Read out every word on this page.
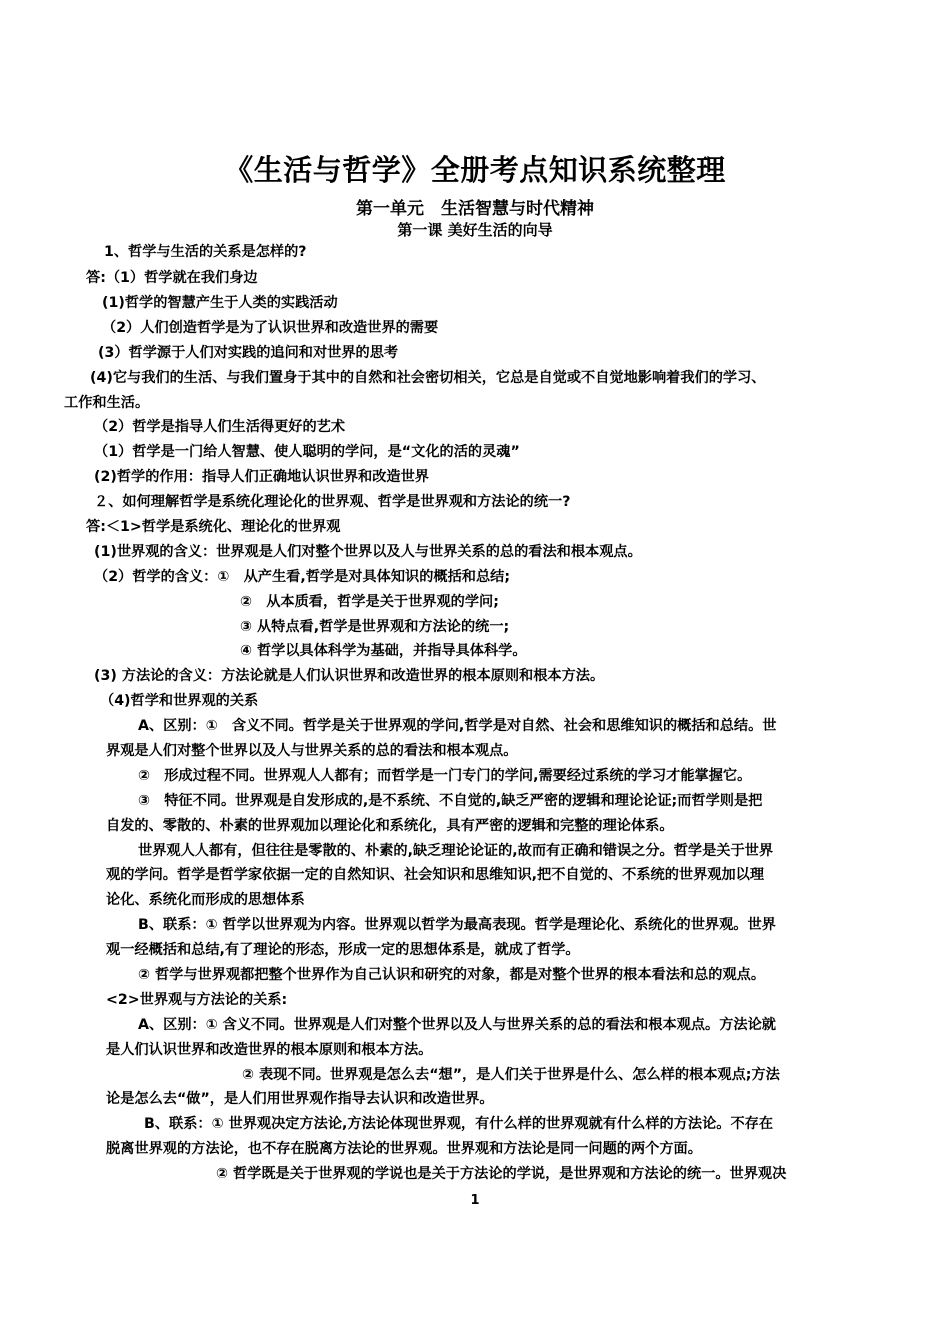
《生活与哲学》全册考点知识系统整理
第一单元　生活智慧与时代精神
第一课 美好生活的向导
1、哲学与生活的关系是怎样的?
答:（1）哲学就在我们身边
(1)哲学的智慧产生于人类的实践活动
（2）人们创造哲学是为了认识世界和改造世界的需要
(3）哲学源于人们对实践的追问和对世界的思考
(4)它与我们的生活、与我们置身于其中的自然和社会密切相关，它总是自觉或不自觉地影响着我们的学习、
工作和生活。
（2）哲学是指导人们生活得更好的艺术
（1）哲学是一门给人智慧、使人聪明的学问，是“文化的活的灵魂”
(2)哲学的作用：指导人们正确地认识世界和改造世界
２、如何理解哲学是系统化理论化的世界观、哲学是世界观和方法论的统一?
答:＜1>哲学是系统化、理论化的世界观
(1)世界观的含义：世界观是人们对整个世界以及人与世界关系的总的看法和根本观点。
（2）哲学的含义：①　从产生看,哲学是对具体知识的概括和总结;
②　从本质看，哲学是关于世界观的学问;
③ 从特点看,哲学是世界观和方法论的统一;
④ 哲学以具体科学为基础，并指导具体科学。
(3) 方法论的含义：方法论就是人们认识世界和改造世界的根本原则和根本方法。
（4)哲学和世界观的关系
A、区别：①　含义不同。哲学是关于世界观的学问,哲学是对自然、社会和思维知识的概括和总结。世
界观是人们对整个世界以及人与世界关系的总的看法和根本观点。
②　形成过程不同。世界观人人都有；而哲学是一门专门的学问,需要经过系统的学习才能掌握它。
③　特征不同。世界观是自发形成的,是不系统、不自觉的,缺乏严密的逻辑和理论论证;而哲学则是把
自发的、零散的、朴素的世界观加以理论化和系统化，具有严密的逻辑和完整的理论体系。
世界观人人都有，但往往是零散的、朴素的,缺乏理论论证的,故而有正确和错误之分。哲学是关于世界
观的学问。哲学是哲学家依据一定的自然知识、社会知识和思维知识,把不自觉的、不系统的世界观加以理
论化、系统化而形成的思想体系
B、联系：① 哲学以世界观为内容。世界观以哲学为最高表现。哲学是理论化、系统化的世界观。世界
观一经概括和总结,有了理论的形态，形成一定的思想体系是，就成了哲学。
② 哲学与世界观都把整个世界作为自己认识和研究的对象，都是对整个世界的根本看法和总的观点。
<2>世界观与方法论的关系:
A、区别：① 含义不同。世界观是人们对整个世界以及人与世界关系的总的看法和根本观点。方法论就
是人们认识世界和改造世界的根本原则和根本方法。
② 表现不同。世界观是怎么去“想”，是人们关于世界是什么、怎么样的根本观点;方法
论是怎么去“做”，是人们用世界观作指导去认识和改造世界。
B、联系：① 世界观决定方法论,方法论体现世界观，有什么样的世界观就有什么样的方法论。不存在
脱离世界观的方法论，也不存在脱离方法论的世界观。世界观和方法论是同一问题的两个方面。
② 哲学既是关于世界观的学说也是关于方法论的学说，是世界观和方法论的统一。世界观决
1
